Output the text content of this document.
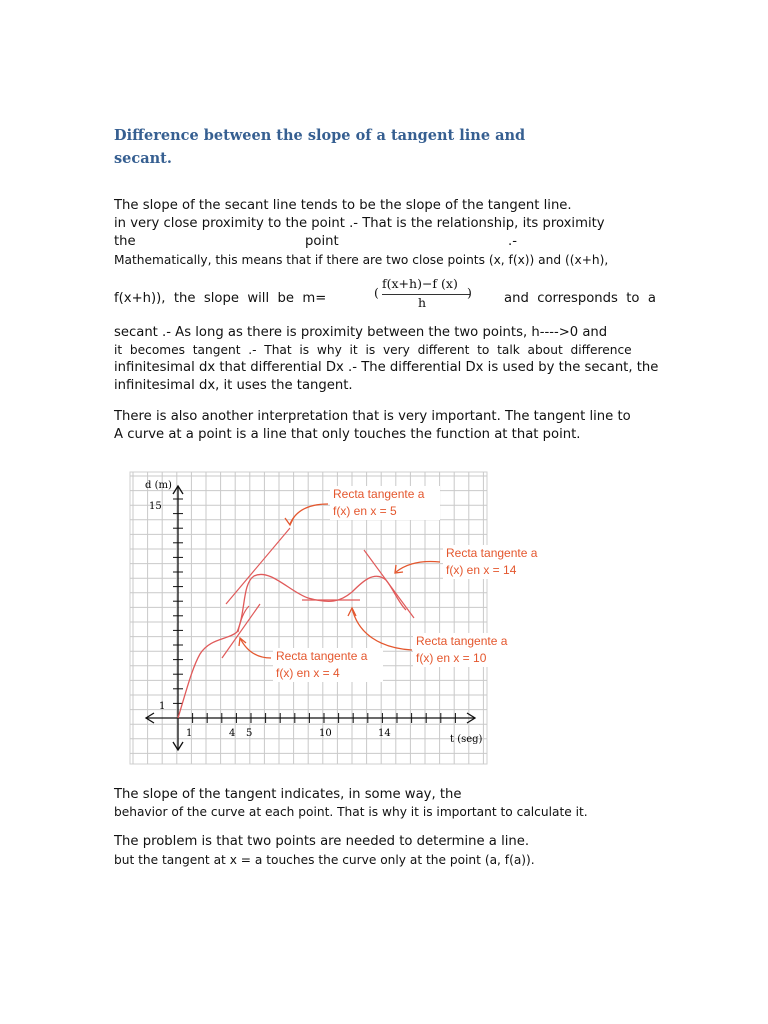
Difference between the slope of a tangent line and secant.
The slope of the secant line tends to be the slope of the tangent line.
in very close proximity to the point .- That is the relationship, its proximity
the	point	.-
Mathematically, this means that if there are two close points (x, f(x)) and ((x+h),
f(x+h)),  the  slope  will  be  m=	(
f(x+h)−f (x)
h
) and  corresponds  to  a
secant .- As long as there is proximity between the two points, h---->0 and
it  becomes  tangent  .-  That  is  why  it  is  very  different  to  talk  about  difference
infinitesimal dx that differential Dx .- The differential Dx is used by the secant, the
infinitesimal dx, it uses the tangent.
There is also another interpretation that is very important. The tangent line to
A curve at a point is a line that only touches the function at that point.
d (m)
t (seg)
15
1
1	4 5	10	14
Recta tangente a
f(x) en x = 5
Recta tangente a
f(x) en x = 14
Recta tangente a
f(x) en x = 10
Recta tangente a
f(x) en x = 4
The slope of the tangent indicates, in some way, the
behavior of the curve at each point. That is why it is important to calculate it.
The problem is that two points are needed to determine a line.
but the tangent at x = a touches the curve only at the point (a, f(a)).
